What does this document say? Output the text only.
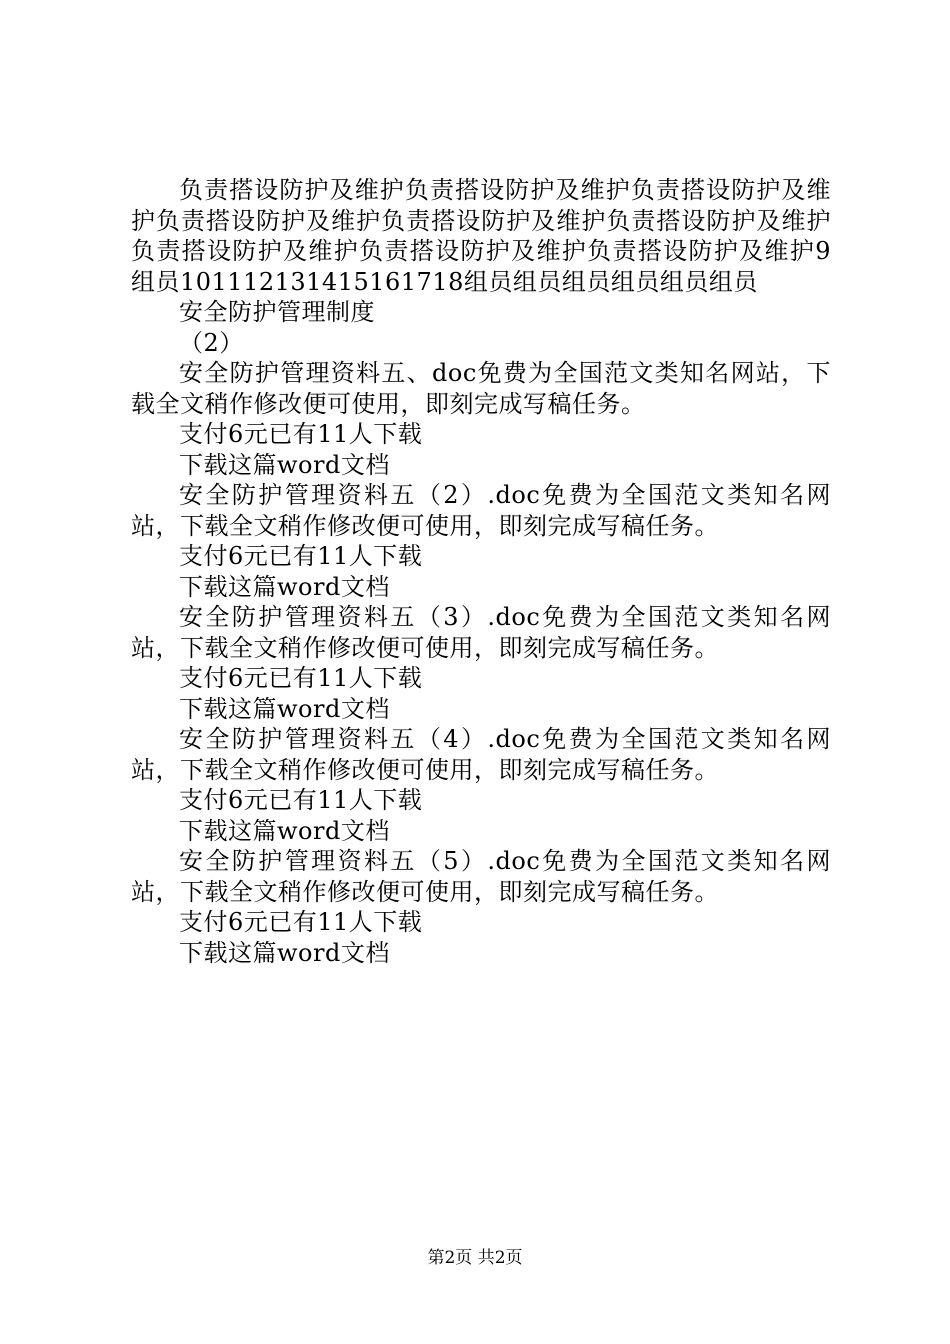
负责搭设防护及维护负责搭设防护及维护负责搭设防护及维护负责搭设防护及维护负责搭设防护及维护负责搭设防护及维护负责搭设防护及维护负责搭设防护及维护负责搭设防护及维护9组员101112131415161718组员组员组员组员组员组员

安全防护管理制度

（2）

安全防护管理资料五、doc免费为全国范文类知名网站，下载全文稍作修改便可使用，即刻完成写稿任务。

支付6元已有11人下载

下载这篇word文档

安全防护管理资料五（2）.doc免费为全国范文类知名网站，下载全文稍作修改便可使用，即刻完成写稿任务。

支付6元已有11人下载

下载这篇word文档

安全防护管理资料五（3）.doc免费为全国范文类知名网站，下载全文稍作修改便可使用，即刻完成写稿任务。

支付6元已有11人下载

下载这篇word文档

安全防护管理资料五（4）.doc免费为全国范文类知名网站，下载全文稍作修改便可使用，即刻完成写稿任务。

支付6元已有11人下载

下载这篇word文档

安全防护管理资料五（5）.doc免费为全国范文类知名网站，下载全文稍作修改便可使用，即刻完成写稿任务。

支付6元已有11人下载

下载这篇word文档

第2页 共2页
